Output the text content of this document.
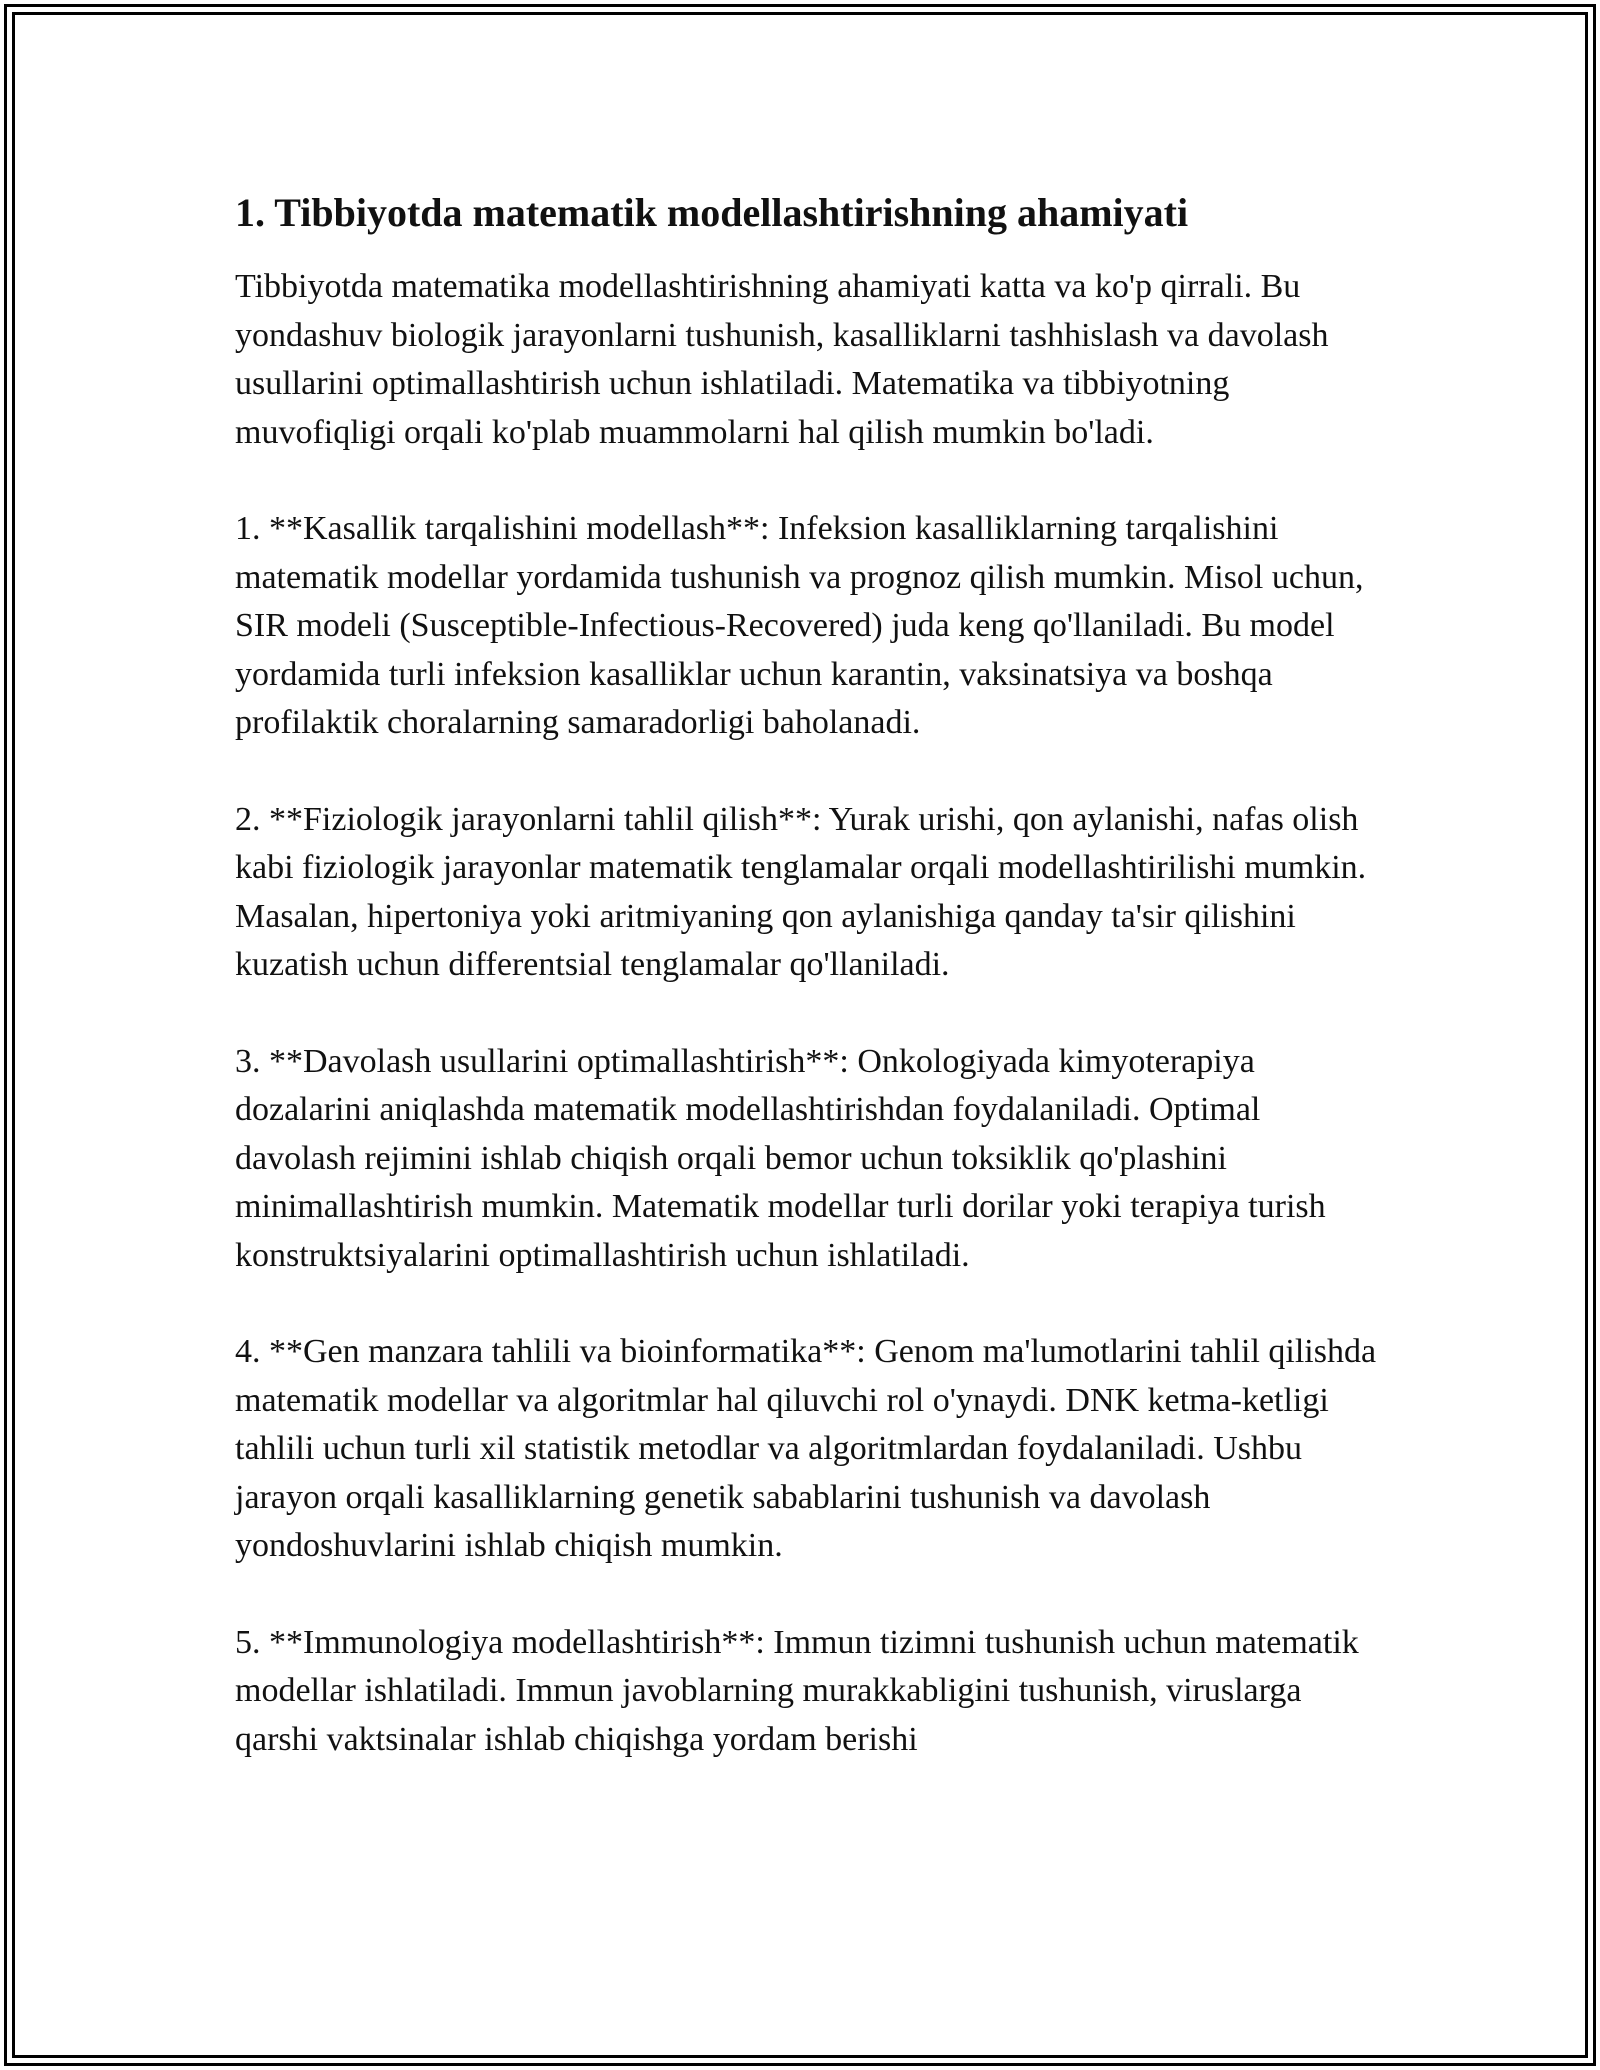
1. Tibbiyotda matematik modellashtirishning ahamiyati

Tibbiyotda matematika modellashtirishning ahamiyati katta va ko'p qirrali. Bu yondashuv biologik jarayonlarni tushunish, kasalliklarni tashhislash va davolash usullarini optimallashtirish uchun ishlatiladi. Matematika va tibbiyotning muvofiqligi orqali ko'plab muammolarni hal qilish mumkin bo'ladi.

1. **Kasallik tarqalishini modellash**: Infeksion kasalliklarning tarqalishini matematik modellar yordamida tushunish va prognoz qilish mumkin. Misol uchun, SIR modeli (Susceptible-Infectious-Recovered) juda keng qo'llaniladi. Bu model yordamida turli infeksion kasalliklar uchun karantin, vaksinatsiya va boshqa profilaktik choralarning samaradorligi baholanadi.

2. **Fiziologik jarayonlarni tahlil qilish**: Yurak urishi, qon aylanishi, nafas olish kabi fiziologik jarayonlar matematik tenglamalar orqali modellashtirilishi mumkin. Masalan, hipertoniya yoki aritmiyaning qon aylanishiga qanday ta'sir qilishini kuzatish uchun differentsial tenglamalar qo'llaniladi.

3. **Davolash usullarini optimallashtirish**: Onkologiyada kimyoterapiya dozalarini aniqlashda matematik modellashtirishdan foydalaniladi. Optimal davolash rejimini ishlab chiqish orqali bemor uchun toksiklik qo'plashini minimallashtirish mumkin. Matematik modellar turli dorilar yoki terapiya turish konstruktsiyalarini optimallashtirish uchun ishlatiladi.

4. **Gen manzara tahlili va bioinformatika**: Genom ma'lumotlarini tahlil qilishda matematik modellar va algoritmlar hal qiluvchi rol o'ynaydi. DNK ketma-ketligi tahlili uchun turli xil statistik metodlar va algoritmlardan foydalaniladi. Ushbu jarayon orqali kasalliklarning genetik sabablarini tushunish va davolash yondoshuvlarini ishlab chiqish mumkin.

5. **Immunologiya modellashtirish**: Immun tizimni tushunish uchun matematik modellar ishlatiladi. Immun javoblarning murakkabligini tushunish, viruslarga qarshi vaktsinalar ishlab chiqishga yordam berishi
